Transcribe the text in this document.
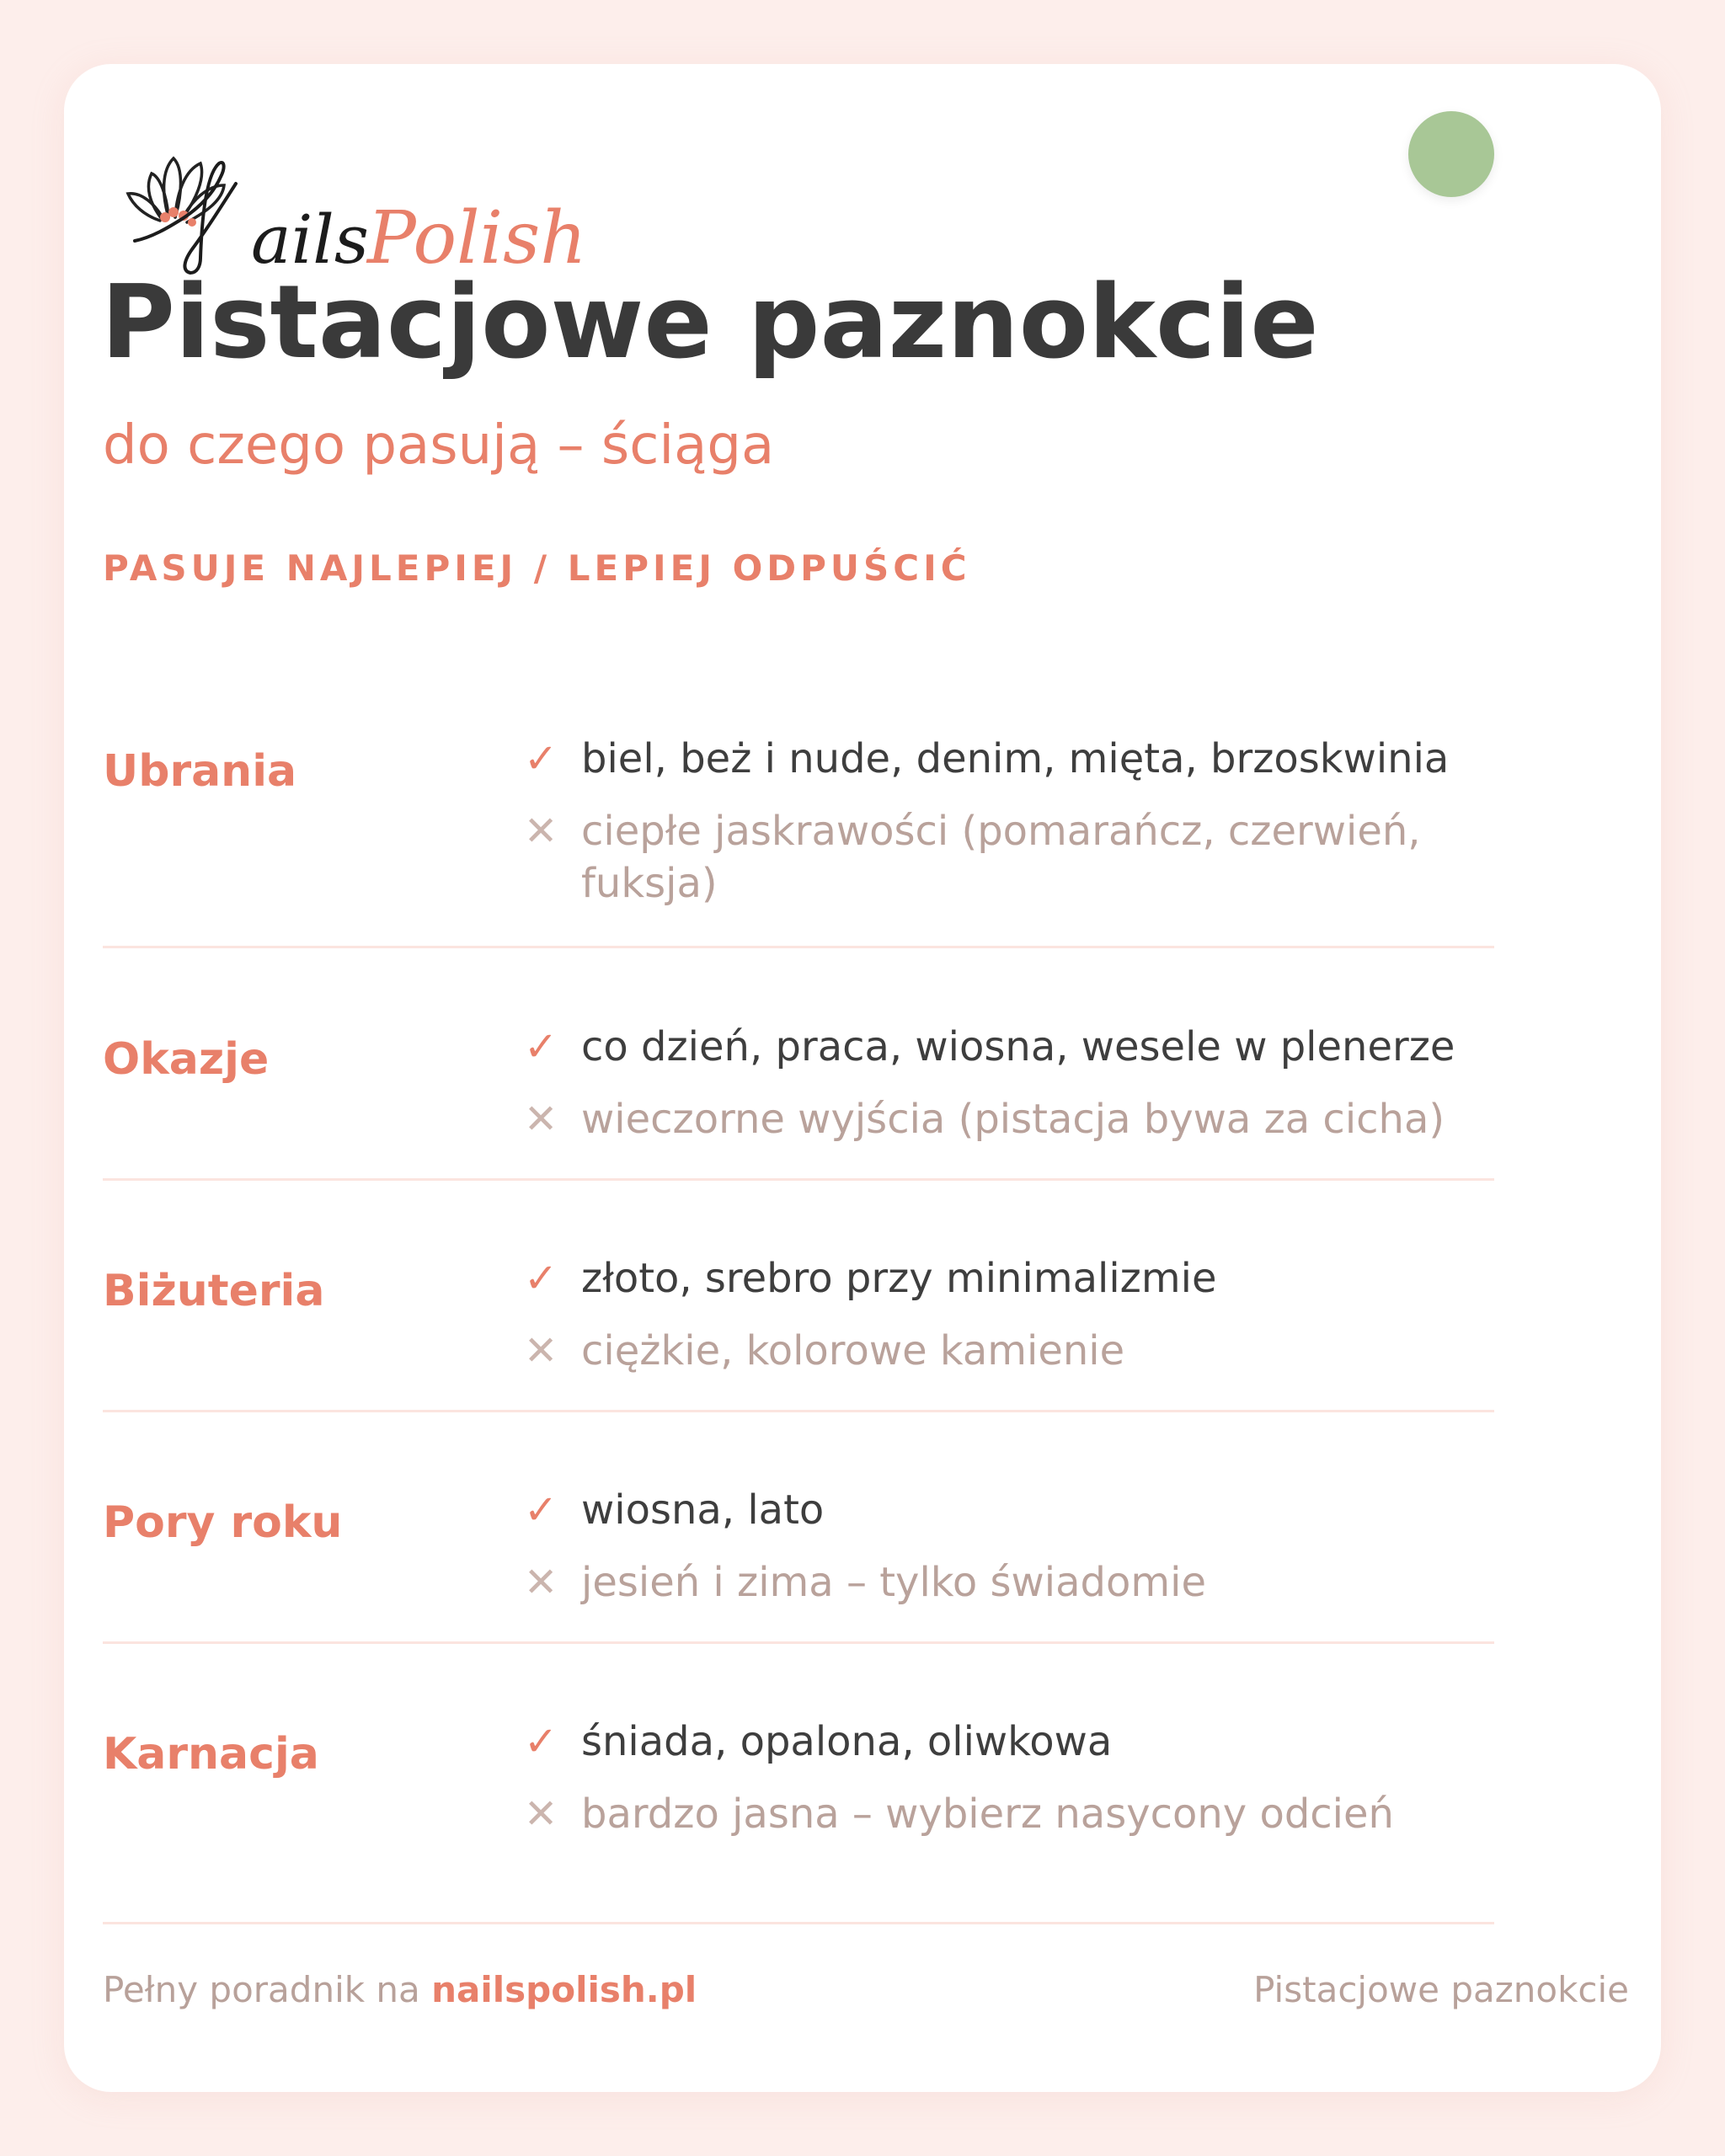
ails
Polish
Pistacjowe paznokcie
do czego pasują – ściąga
PASUJE NAJLEPIEJ / LEPIEJ ODPUŚCIĆ
Ubrania	✓ biel, beż i nude, denim, mięta, brzoskwinia
✕ ciepłe jaskrawości (pomarańcz, czerwień, fuksja)
Okazje	✓ co dzień, praca, wiosna, wesele w plenerze
✕ wieczorne wyjścia (pistacja bywa za cicha)
Biżuteria	✓ złoto, srebro przy minimalizmie
✕ ciężkie, kolorowe kamienie
Pory roku	✓ wiosna, lato
✕ jesień i zima – tylko świadomie
Karnacja	✓ śniada, opalona, oliwkowa
✕ bardzo jasna – wybierz nasycony odcień
Pełny poradnik na nailspolish.pl	Pistacjowe paznokcie
